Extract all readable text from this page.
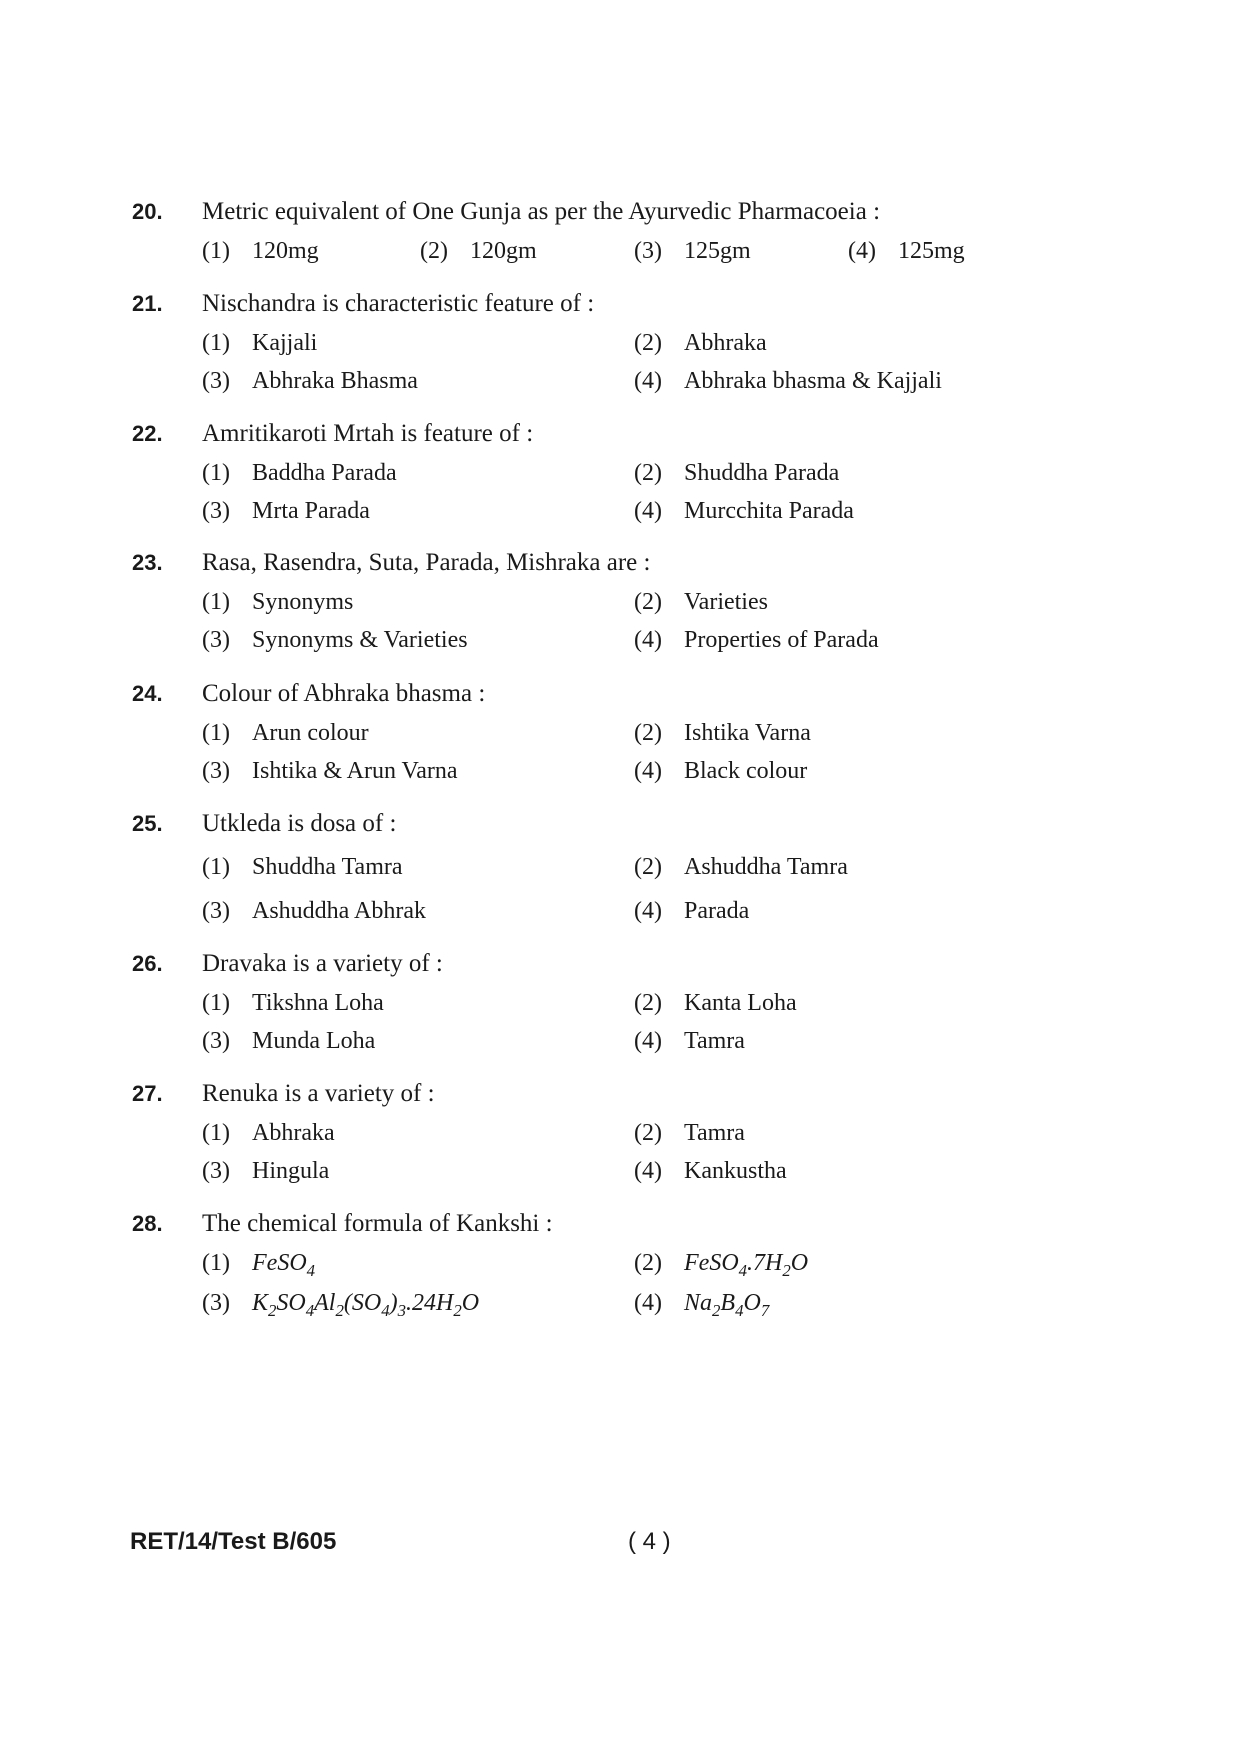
20. Metric equivalent of One Gunja as per the Ayurvedic Pharmacoeia :
(1) 120mg	(2) 120gm	(3) 125gm	(4) 125mg
21. Nischandra is characteristic feature of :
(1) Kajjali	(2) Abhraka
(3) Abhraka Bhasma	(4) Abhraka bhasma & Kajjali
22. Amritikaroti Mrtah is feature of :
(1) Baddha Parada	(2) Shuddha Parada
(3) Mrta Parada	(4) Murcchita Parada
23. Rasa, Rasendra, Suta, Parada, Mishraka are :
(1) Synonyms	(2) Varieties
(3) Synonyms & Varieties	(4) Properties of Parada
24. Colour of Abhraka bhasma :
(1) Arun colour	(2) Ishtika Varna
(3) Ishtika & Arun Varna	(4) Black colour
25. Utkleda is dosa of :
(1) Shuddha Tamra	(2) Ashuddha Tamra
(3) Ashuddha Abhrak	(4) Parada
26. Dravaka is a variety of :
(1) Tikshna Loha	(2) Kanta Loha
(3) Munda Loha	(4) Tamra
27. Renuka is a variety of :
(1) Abhraka	(2) Tamra
(3) Hingula	(4) Kankustha
28. The chemical formula of Kankshi :
(1) FeSO$_4$	(2) $FeSO_4.7H_2O$
(3) $K_2SO_4Al_2(SO_4)_3.24H_2O$	(4) $Na_2B_4O_7$
RET/14/Test B/605	( 4 )
